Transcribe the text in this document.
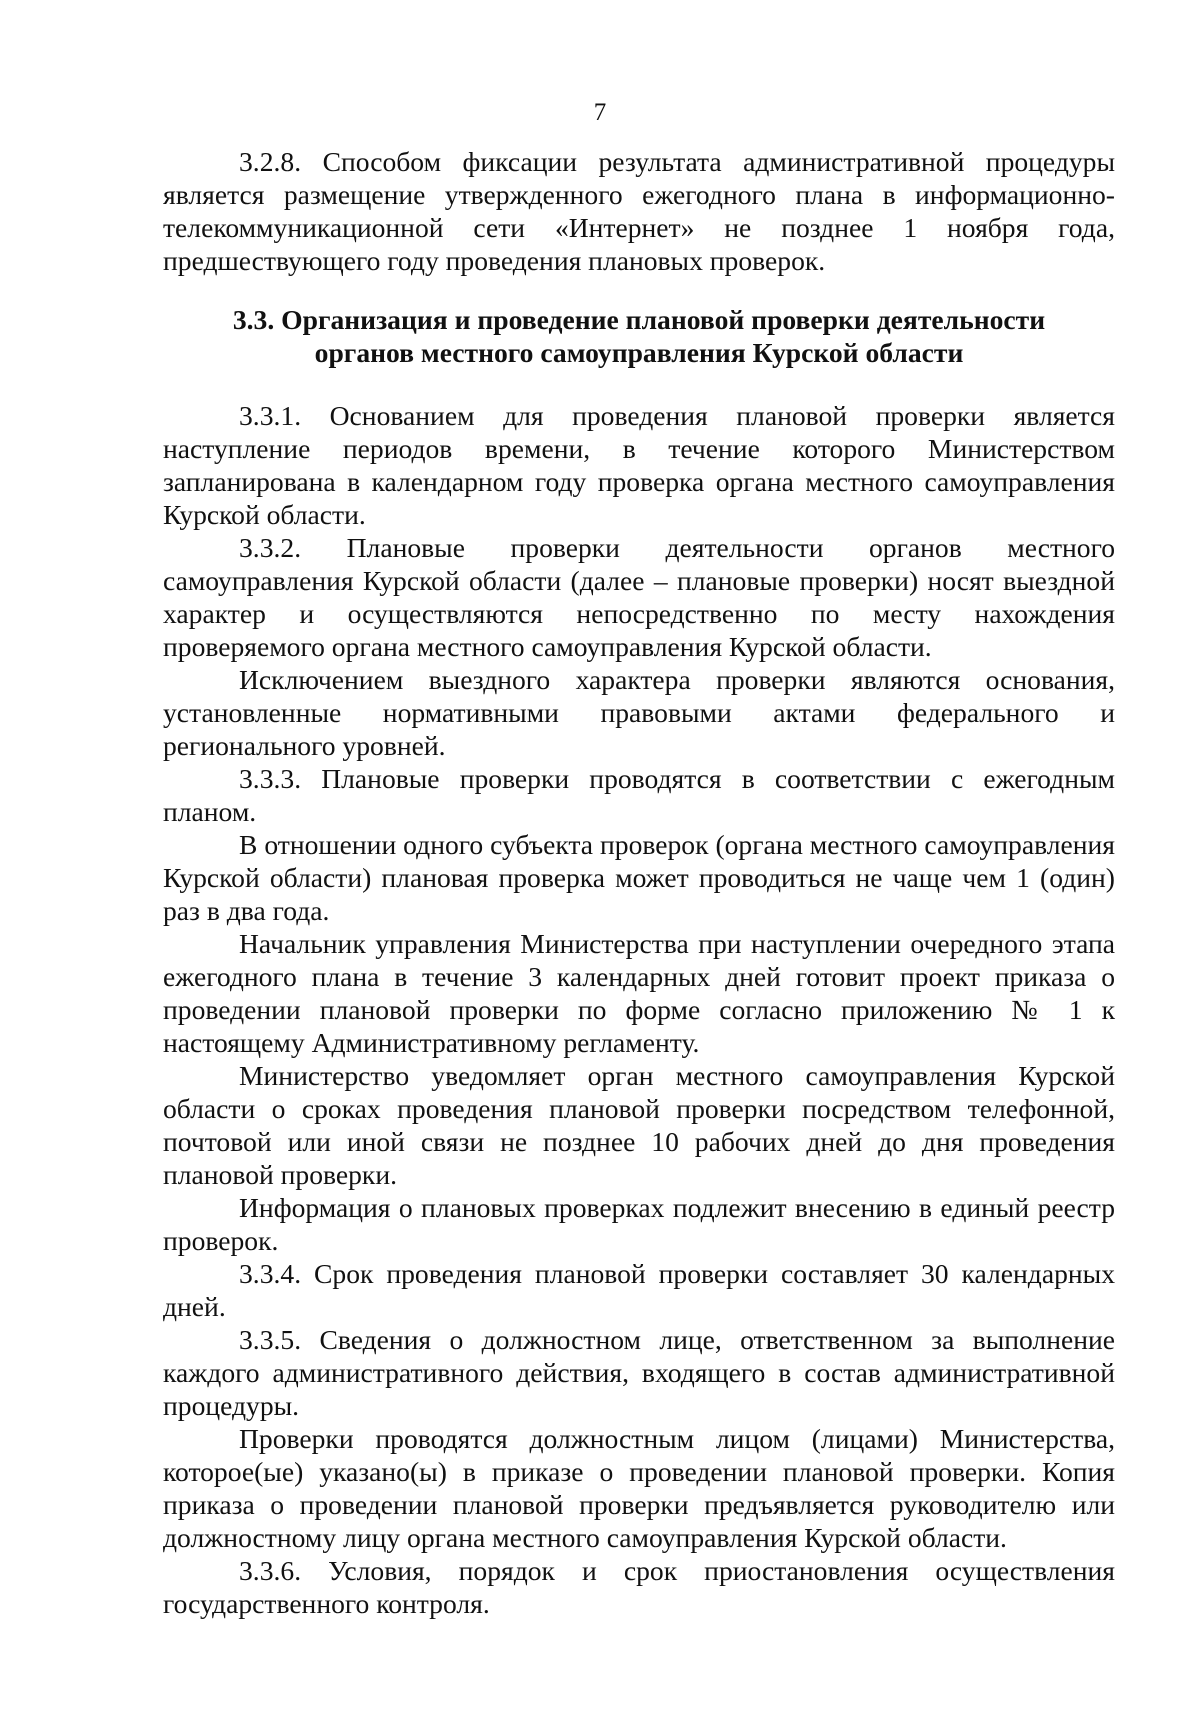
7

3.2.8. Способом фиксации результата административной процедуры является размещение утвержденного ежегодного плана в информационно-телекоммуникационной сети «Интернет» не позднее 1 ноября года, предшествующего году проведения плановых проверок.

3.3. Организация и проведение плановой проверки деятельности
органов местного самоуправления Курской области

3.3.1. Основанием для проведения плановой проверки является наступление периодов времени, в течение которого Министерством запланирована в календарном году проверка органа местного самоуправления Курской области.

3.3.2. Плановые проверки деятельности органов местного самоуправления Курской области (далее – плановые проверки) носят выездной характер и осуществляются непосредственно по месту нахождения проверяемого органа местного самоуправления Курской области.

Исключением выездного характера проверки являются основания, установленные нормативными правовыми актами федерального и регионального уровней.

3.3.3. Плановые проверки проводятся в соответствии с ежегодным планом.

В отношении одного субъекта проверок (органа местного самоуправления Курской области) плановая проверка может проводиться не чаще чем 1 (один) раз в два года.

Начальник управления Министерства при наступлении очередного этапа ежегодного плана в течение 3 календарных дней готовит проект приказа о проведении плановой проверки по форме согласно приложению № 1 к настоящему Административному регламенту.

Министерство уведомляет орган местного самоуправления Курской области о сроках проведения плановой проверки посредством телефонной, почтовой или иной связи не позднее 10 рабочих дней до дня проведения плановой проверки.

Информация о плановых проверках подлежит внесению в единый реестр проверок.

3.3.4. Срок проведения плановой проверки составляет 30 календарных дней.

3.3.5. Сведения о должностном лице, ответственном за выполнение каждого административного действия, входящего в состав административной процедуры.

Проверки проводятся должностным лицом (лицами) Министерства, которое(ые) указано(ы) в приказе о проведении плановой проверки. Копия приказа о проведении плановой проверки предъявляется руководителю или должностному лицу органа местного самоуправления Курской области.

3.3.6. Условия, порядок и срок приостановления осуществления государственного контроля.
